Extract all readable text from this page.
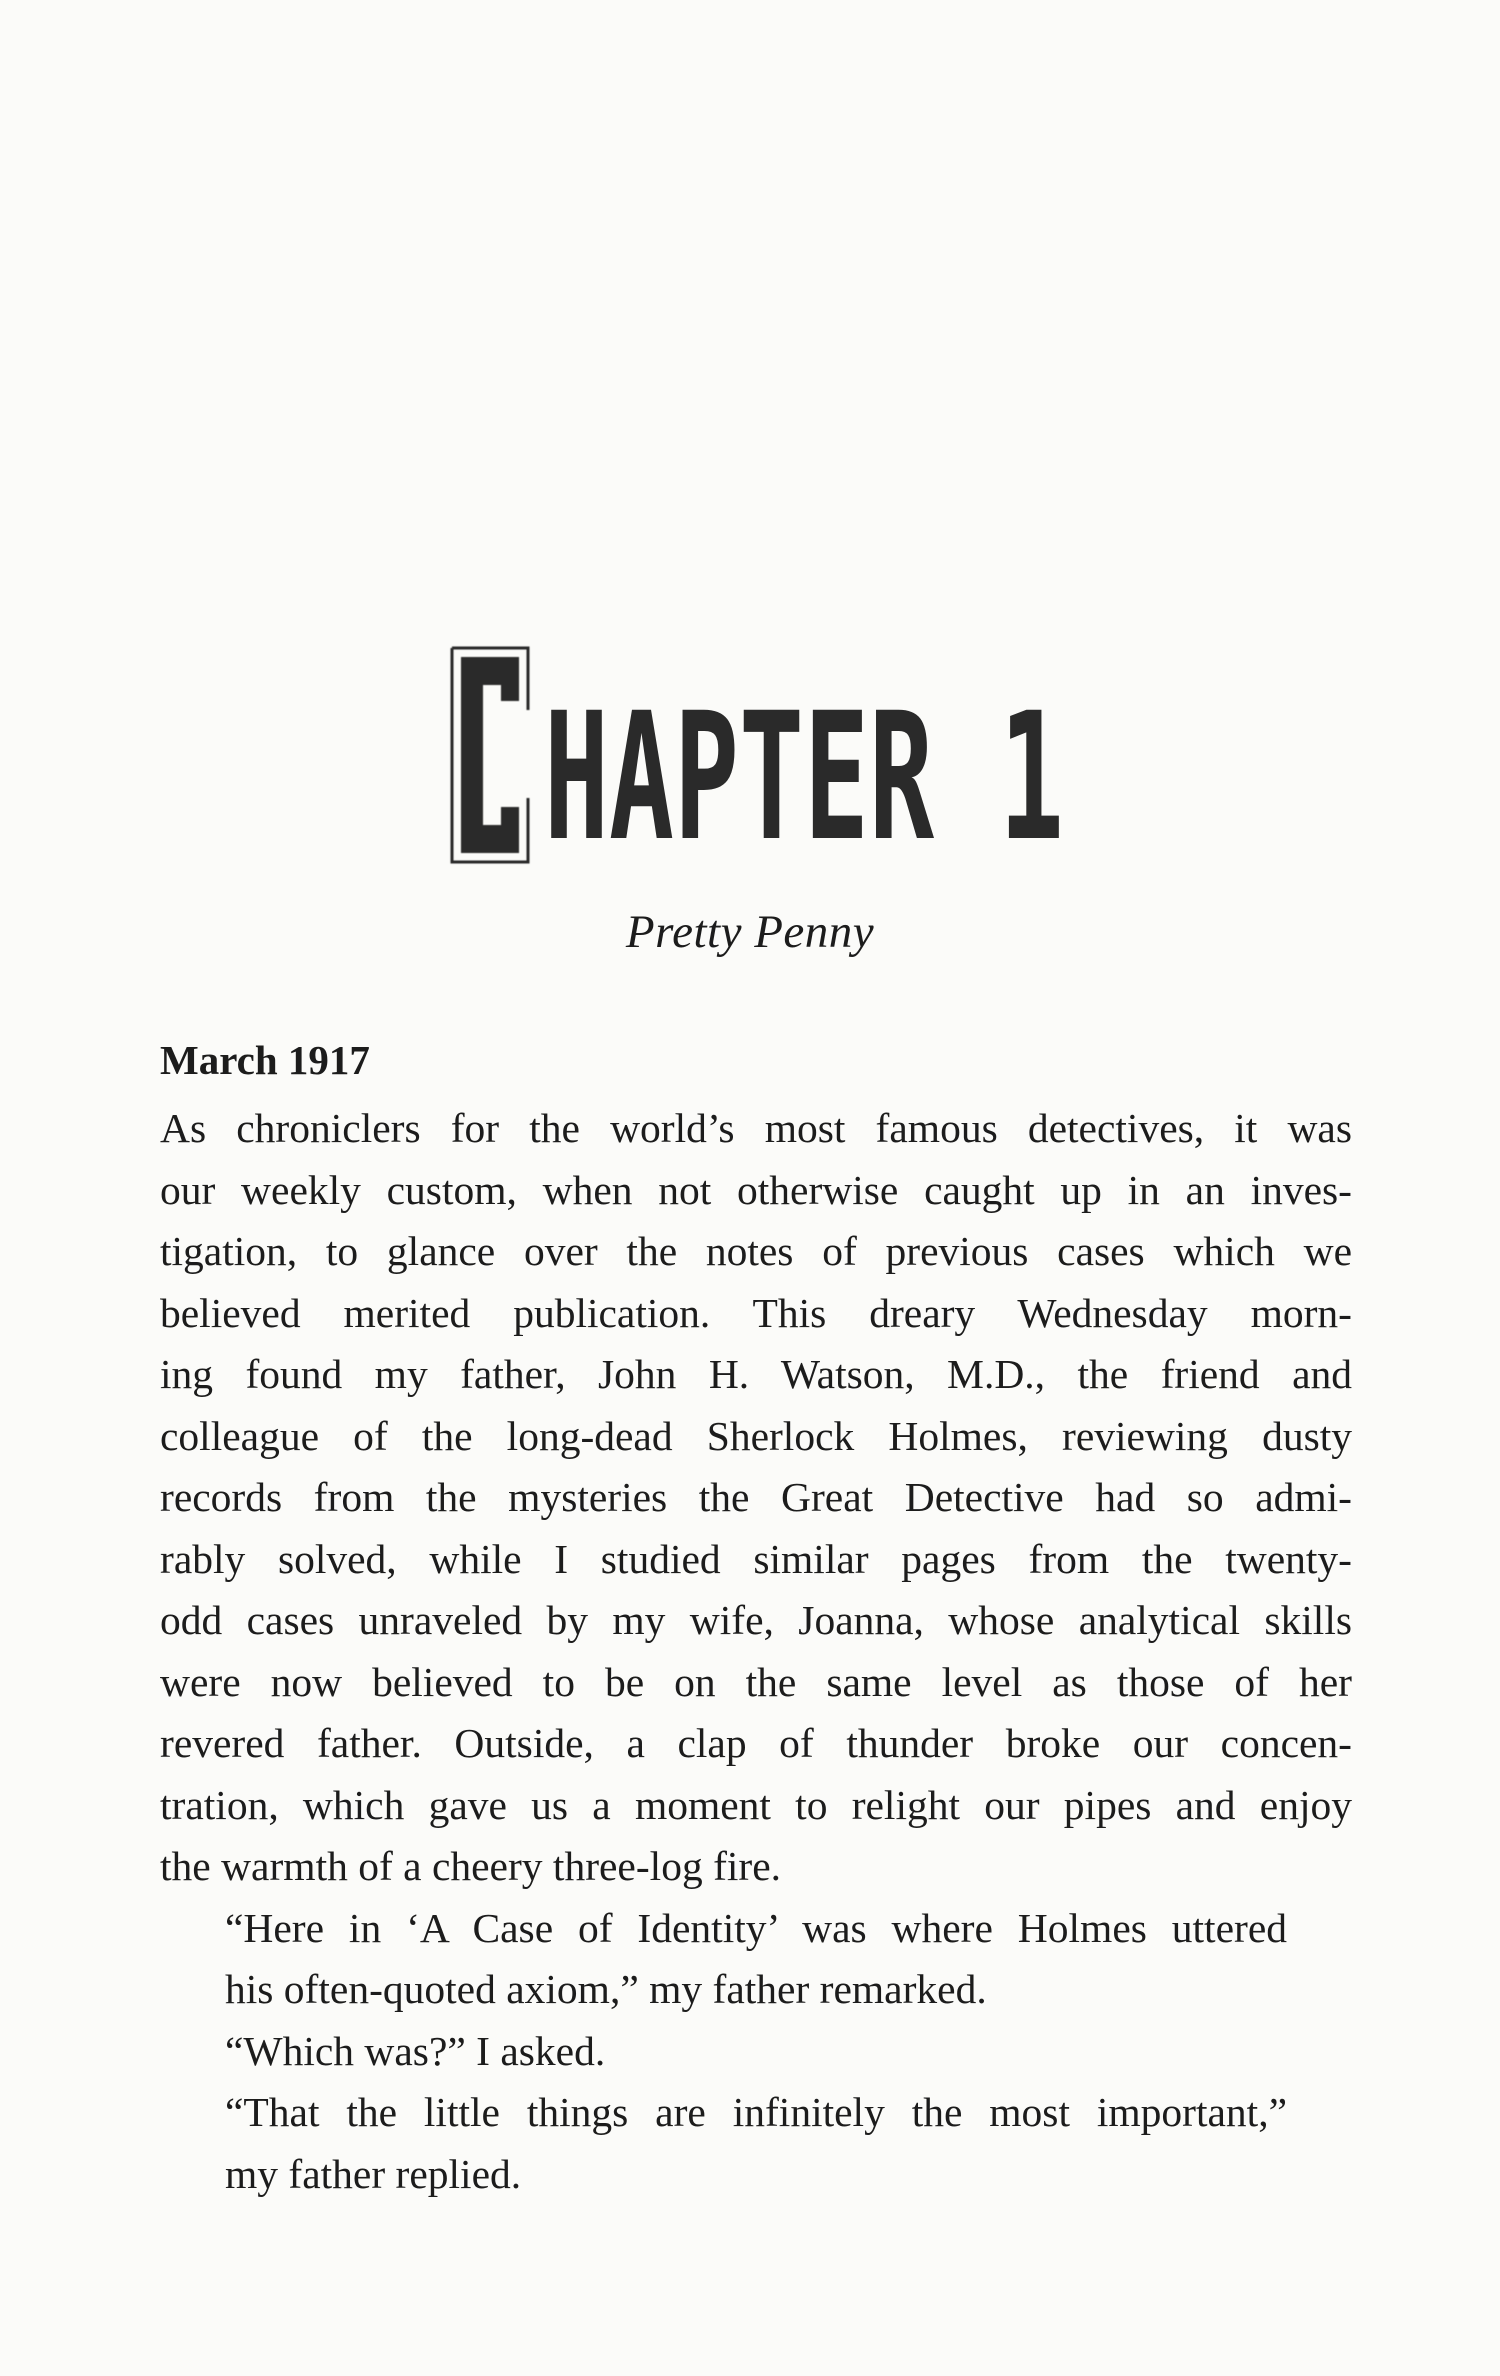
HAPTER 1
Pretty Penny
March 1917

As chroniclers for the world’s most famous detectives, it was
our weekly custom, when not otherwise caught up in an inves-
tigation, to glance over the notes of previous cases which we
believed merited publication. This dreary Wednesday morn-
ing found my father, John H. Watson, M.D., the friend and
colleague of the long-dead Sherlock Holmes, reviewing dusty
records from the mysteries the Great Detective had so admi-
rably solved, while I studied similar pages from the twenty-
odd cases unraveled by my wife, Joanna, whose analytical skills
were now believed to be on the same level as those of her
revered father. Outside, a clap of thunder broke our concen-
tration, which gave us a moment to relight our pipes and enjoy
the warmth of a cheery three-log fire.

“Here in ‘A Case of Identity’ was where Holmes uttered
his often-quoted axiom,” my father remarked.

“Which was?” I asked.

“That the little things are infinitely the most important,”
my father replied.
